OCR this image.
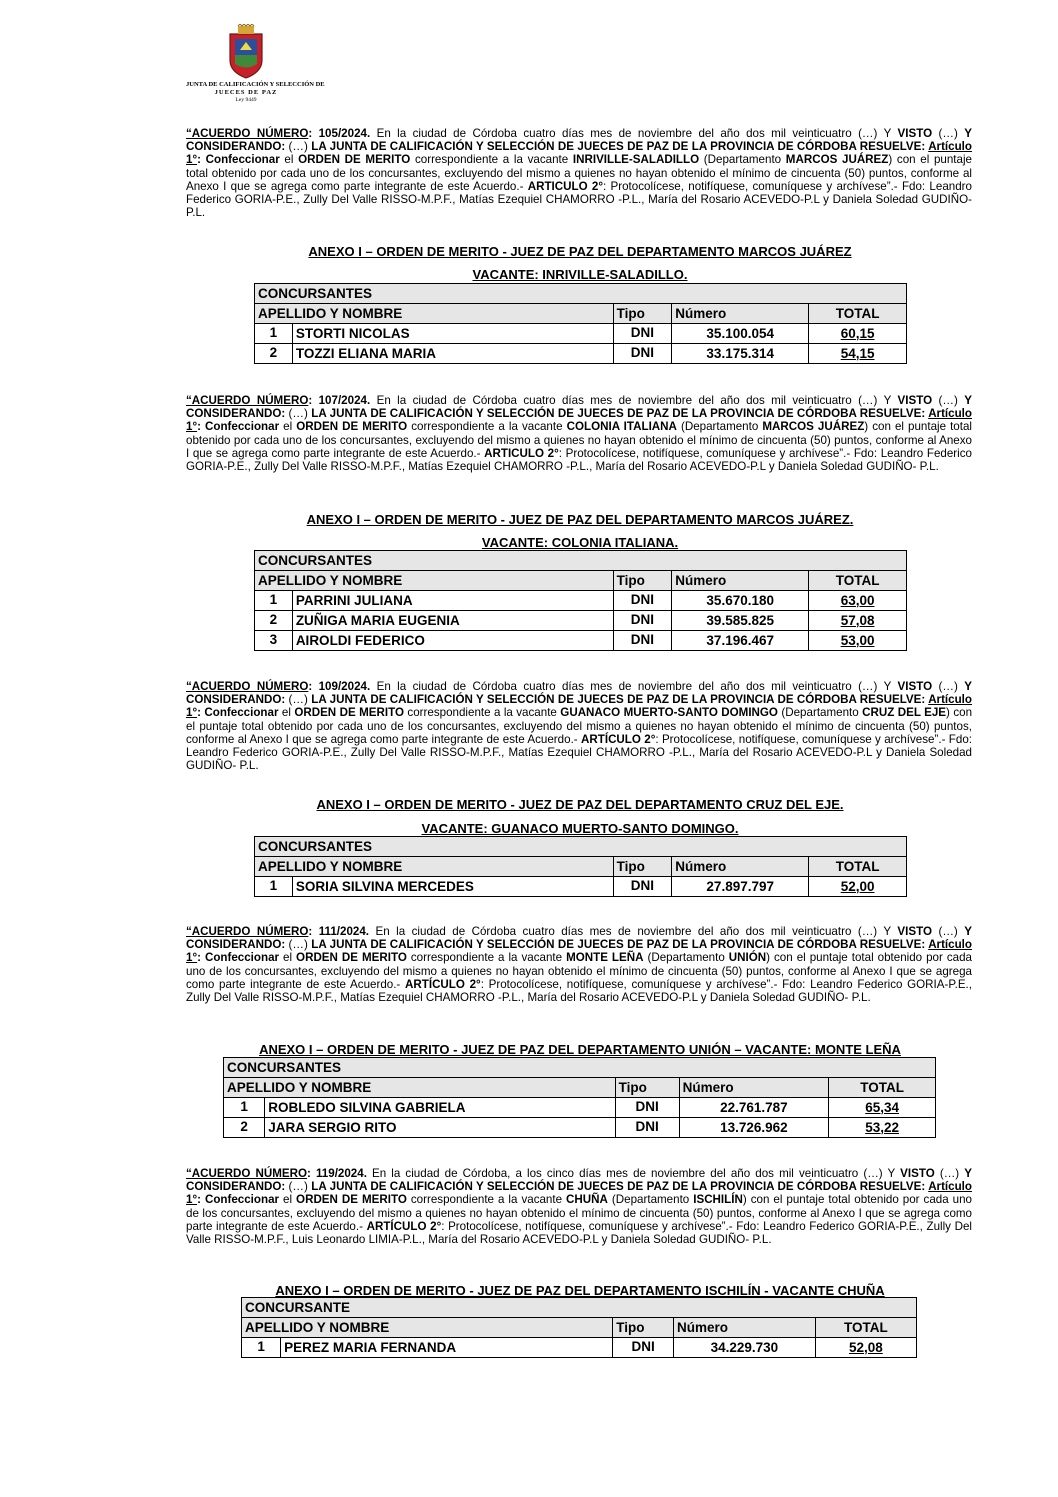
JUNTA DE CALIFICACIÓN Y SELECCIÓN DE
JUECES DE PAZ
Ley 9449
“ACUERDO NÚMERO: 105/2024. En la ciudad de Córdoba cuatro días mes de noviembre del año dos mil veinticuatro (…) Y VISTO (…) Y CONSIDERANDO: (…) LA JUNTA DE CALIFICACIÓN Y SELECCIÓN DE JUECES DE PAZ DE LA PROVINCIA DE CÓRDOBA RESUELVE: Artículo 1°: Confeccionar el ORDEN DE MERITO correspondiente a la vacante INRIVILLE-SALADILLO (Departamento MARCOS JUÁREZ) con el puntaje total obtenido por cada uno de los concursantes, excluyendo del mismo a quienes no hayan obtenido el mínimo de cincuenta (50) puntos, conforme al Anexo I que se agrega como parte integrante de este Acuerdo.- ARTICULO 2°: Protocolícese, notifíquese, comuníquese y archívese”.- Fdo: Leandro Federico GORIA-P.E., Zully Del Valle RISSO-M.P.F., Matías Ezequiel CHAMORRO -P.L., María del Rosario ACEVEDO-P.L y Daniela Soledad GUDIÑO- P.L.
ANEXO I – ORDEN DE MERITO - JUEZ DE PAZ DEL DEPARTAMENTO MARCOS JUÁREZ
VACANTE: INRIVILLE-SALADILLO.
CONCURSANTES				
APELLIDO Y NOMBRE		Tipo	Número	TOTAL
1	STORTI NICOLAS	DNI	35.100.054	60,15
2	TOZZI ELIANA MARIA	DNI	33.175.314	54,15
“ACUERDO NÚMERO: 107/2024. En la ciudad de Córdoba cuatro días mes de noviembre del año dos mil veinticuatro (…) Y VISTO (…) Y CONSIDERANDO: (…) LA JUNTA DE CALIFICACIÓN Y SELECCIÓN DE JUECES DE PAZ DE LA PROVINCIA DE CÓRDOBA RESUELVE: Artículo 1°: Confeccionar el ORDEN DE MERITO correspondiente a la vacante COLONIA ITALIANA (Departamento MARCOS JUÁREZ) con el puntaje total obtenido por cada uno de los concursantes, excluyendo del mismo a quienes no hayan obtenido el mínimo de cincuenta (50) puntos, conforme al Anexo I que se agrega como parte integrante de este Acuerdo.- ARTICULO 2°: Protocolícese, notifíquese, comuníquese y archívese”.- Fdo: Leandro Federico GORIA-P.E., Zully Del Valle RISSO-M.P.F., Matías Ezequiel CHAMORRO -P.L., María del Rosario ACEVEDO-P.L y Daniela Soledad GUDIÑO- P.L.
ANEXO I – ORDEN DE MERITO - JUEZ DE PAZ DEL DEPARTAMENTO MARCOS JUÁREZ.
VACANTE: COLONIA ITALIANA.
CONCURSANTES				
APELLIDO Y NOMBRE		Tipo	Número	TOTAL
1	PARRINI JULIANA	DNI	35.670.180	63,00
2	ZUÑIGA MARIA EUGENIA	DNI	39.585.825	57,08
3	AIROLDI FEDERICO	DNI	37.196.467	53,00
“ACUERDO NÚMERO: 109/2024. En la ciudad de Córdoba cuatro días mes de noviembre del año dos mil veinticuatro (…) Y VISTO (…) Y CONSIDERANDO: (…) LA JUNTA DE CALIFICACIÓN Y SELECCIÓN DE JUECES DE PAZ DE LA PROVINCIA DE CÓRDOBA RESUELVE: Artículo 1°: Confeccionar el ORDEN DE MERITO correspondiente a la vacante GUANACO MUERTO-SANTO DOMINGO (Departamento CRUZ DEL EJE) con el puntaje total obtenido por cada uno de los concursantes, excluyendo del mismo a quienes no hayan obtenido el mínimo de cincuenta (50) puntos, conforme al Anexo I que se agrega como parte integrante de este Acuerdo.- ARTÍCULO 2°: Protocolícese, notifíquese, comuníquese y archívese”.- Fdo: Leandro Federico GORIA-P.E., Zully Del Valle RISSO-M.P.F., Matías Ezequiel CHAMORRO -P.L., María del Rosario ACEVEDO-P.L y Daniela Soledad GUDIÑO- P.L.
ANEXO I – ORDEN DE MERITO - JUEZ DE PAZ DEL DEPARTAMENTO CRUZ DEL EJE.
VACANTE: GUANACO MUERTO-SANTO DOMINGO.
CONCURSANTES				
APELLIDO Y NOMBRE		Tipo	Número	TOTAL
1	SORIA SILVINA MERCEDES	DNI	27.897.797	52,00
“ACUERDO NÚMERO: 111/2024. En la ciudad de Córdoba cuatro días mes de noviembre del año dos mil veinticuatro (…) Y VISTO (…) Y CONSIDERANDO: (…) LA JUNTA DE CALIFICACIÓN Y SELECCIÓN DE JUECES DE PAZ DE LA PROVINCIA DE CÓRDOBA RESUELVE: Artículo 1°: Confeccionar el ORDEN DE MERITO correspondiente a la vacante MONTE LEÑA (Departamento UNIÓN) con el puntaje total obtenido por cada uno de los concursantes, excluyendo del mismo a quienes no hayan obtenido el mínimo de cincuenta (50) puntos, conforme al Anexo I que se agrega como parte integrante de este Acuerdo.- ARTÍCULO 2°: Protocolícese, notifíquese, comuníquese y archívese”.- Fdo: Leandro Federico GORIA-P.E., Zully Del Valle RISSO-M.P.F., Matías Ezequiel CHAMORRO -P.L., María del Rosario ACEVEDO-P.L y Daniela Soledad GUDIÑO- P.L.
ANEXO I – ORDEN DE MERITO - JUEZ DE PAZ DEL DEPARTAMENTO UNIÓN – VACANTE: MONTE LEÑA
CONCURSANTES				
APELLIDO Y NOMBRE		Tipo	Número	TOTAL
1	ROBLEDO SILVINA GABRIELA	DNI	22.761.787	65,34
2	JARA SERGIO RITO	DNI	13.726.962	53,22
“ACUERDO NÚMERO: 119/2024. En la ciudad de Córdoba, a los cinco días mes de noviembre del año dos mil veinticuatro (…) Y VISTO (…) Y CONSIDERANDO: (…) LA JUNTA DE CALIFICACIÓN Y SELECCIÓN DE JUECES DE PAZ DE LA PROVINCIA DE CÓRDOBA RESUELVE: Artículo 1°: Confeccionar el ORDEN DE MERITO correspondiente a la vacante CHUÑA (Departamento ISCHILÍN) con el puntaje total obtenido por cada uno de los concursantes, excluyendo del mismo a quienes no hayan obtenido el mínimo de cincuenta (50) puntos, conforme al Anexo I que se agrega como parte integrante de este Acuerdo.- ARTÍCULO 2°: Protocolícese, notifíquese, comuníquese y archívese”.- Fdo: Leandro Federico GORIA-P.E., Zully Del Valle RISSO-M.P.F., Luis Leonardo LIMIA-P.L., María del Rosario ACEVEDO-P.L y Daniela Soledad GUDIÑO- P.L.
ANEXO I – ORDEN DE MERITO - JUEZ DE PAZ DEL DEPARTAMENTO ISCHILÍN - VACANTE CHUÑA
CONCURSANTE				
APELLIDO Y NOMBRE		Tipo	Número	TOTAL
1	PEREZ MARIA FERNANDA	DNI	34.229.730	52,08
